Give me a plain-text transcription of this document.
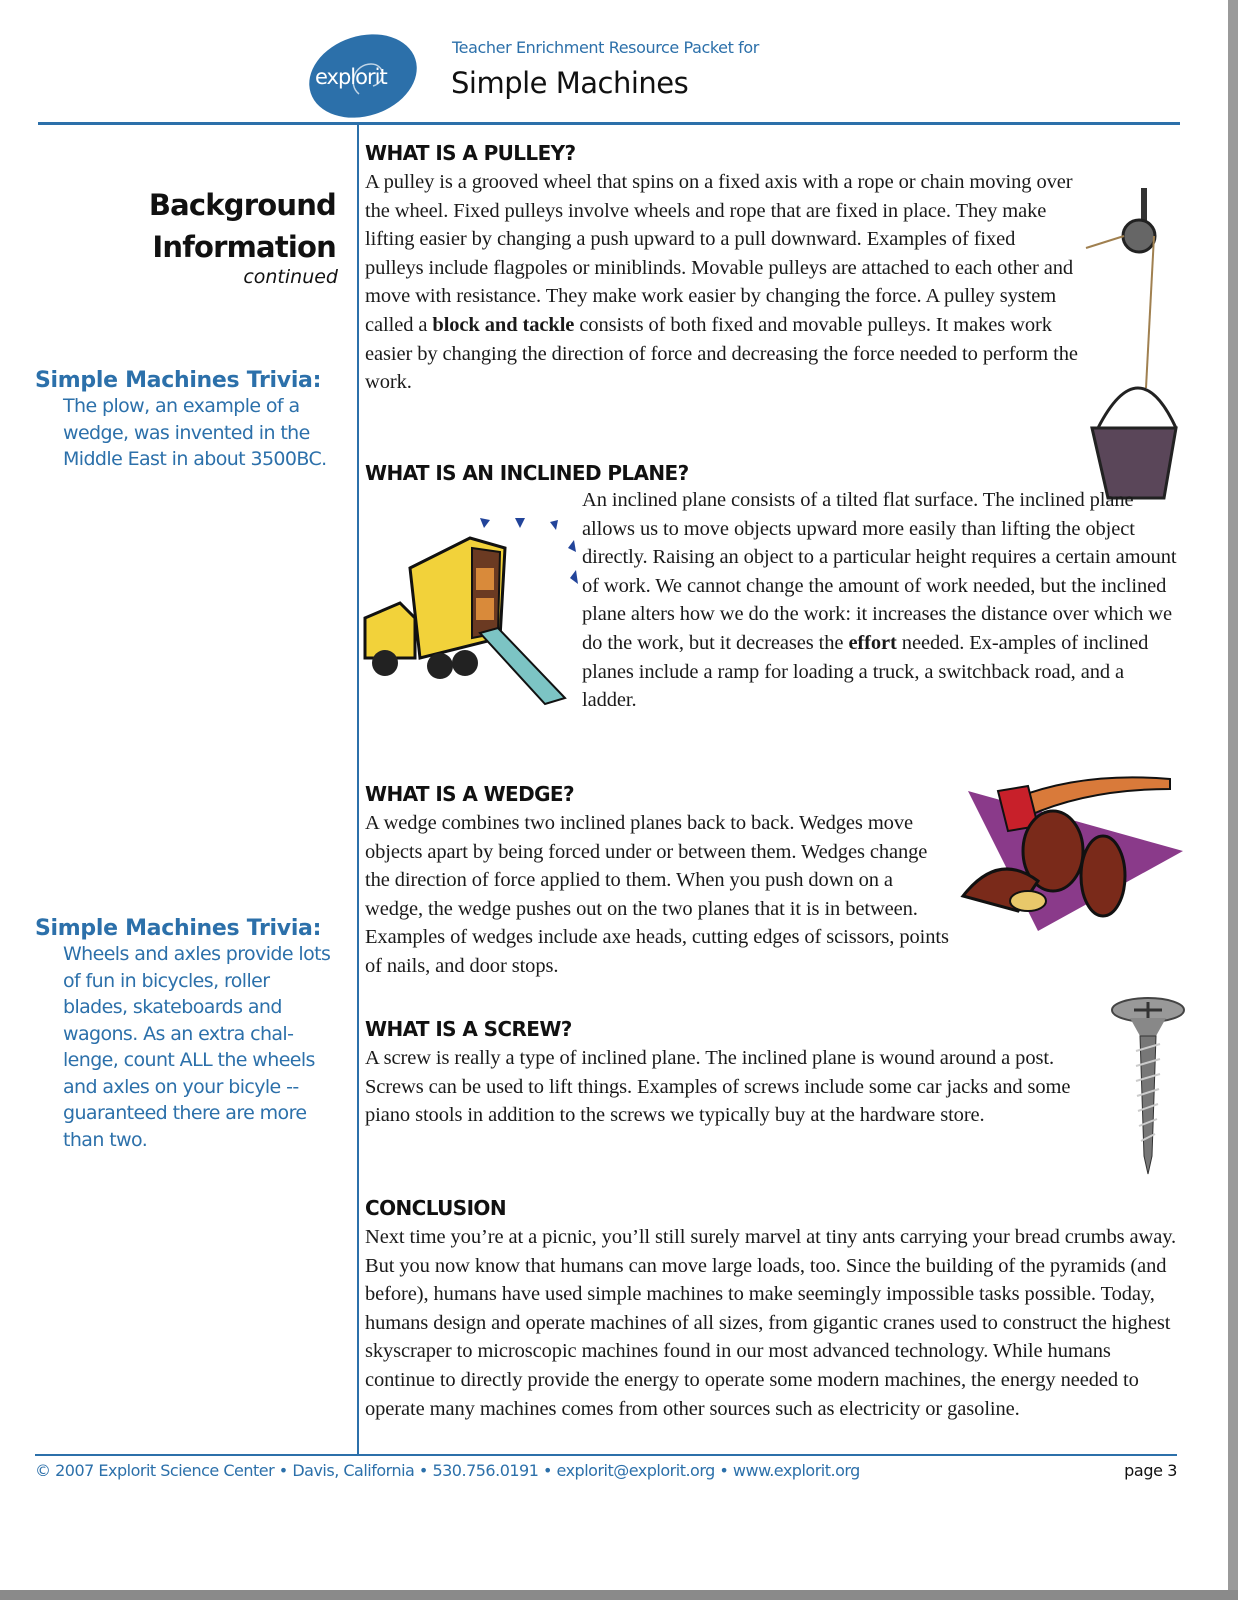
explorit
Teacher Enrichment Resource Packet for
Simple Machines
Background
Information
continued
Simple Machines Trivia:

The plow, an example of a wedge, was invented in the Middle East in about 3500BC.

Simple Machines Trivia:

Wheels and axles provide lots of fun in bicycles, roller blades, skateboards and wagons. As an extra chal-lenge, count ALL the wheels and axles on your bicyle -- guaranteed there are more than two.

WHAT IS A PULLEY?

A pulley is a grooved wheel that spins on a fixed axis with a rope or chain moving over the wheel. Fixed pulleys involve wheels and rope that are fixed in place. They make lifting easier by changing a push upward to a pull downward. Examples of fixed pulleys include flagpoles or miniblinds. Movable pulleys are attached to each other and move with resistance. They make work easier by changing the force. A pulley system called a block and tackle consists of both fixed and movable pulleys. It makes work easier by changing the direction of force and decreasing the force needed to perform the work.

WHAT IS AN INCLINED PLANE?

An inclined plane consists of a tilted flat surface. The inclined plane allows us to move objects upward more easily than lifting the object directly. Raising an object to a particular height requires a certain amount of work. We cannot change the amount of work needed, but the inclined plane alters how we do the work: it increases the distance over which we do the work, but it decreases the effort needed. Ex-amples of inclined planes include a ramp for loading a truck, a switchback road, and a ladder.

WHAT IS A WEDGE?

A wedge combines two inclined planes back to back. Wedges move objects apart by being forced under or between them. Wedges change the direction of force applied to them. When you push down on a wedge, the wedge pushes out on the two planes that it is in between. Examples of wedges include axe heads, cutting edges of scissors, points of nails, and door stops.

WHAT IS A SCREW?

A screw is really a type of inclined plane. The inclined plane is wound around a post. Screws can be used to lift things. Examples of screws include some car jacks and some piano stools in addition to the screws we typically buy at the hardware store.

CONCLUSION

Next time you’re at a picnic, you’ll still surely marvel at tiny ants carrying your bread crumbs away. But you now know that humans can move large loads, too. Since the building of the pyramids (and before), humans have used simple machines to make seemingly impossible tasks possible. Today, humans design and operate machines of all sizes, from gigantic cranes used to construct the highest skyscraper to microscopic machines found in our most advanced technology. While humans continue to directly provide the energy to operate some modern machines, the energy needed to operate many machines comes from other sources such as electricity or gasoline.

© 2007 Explorit Science Center • Davis, California • 530.756.0191 • explorit@explorit.org • www.explorit.org	page 3
